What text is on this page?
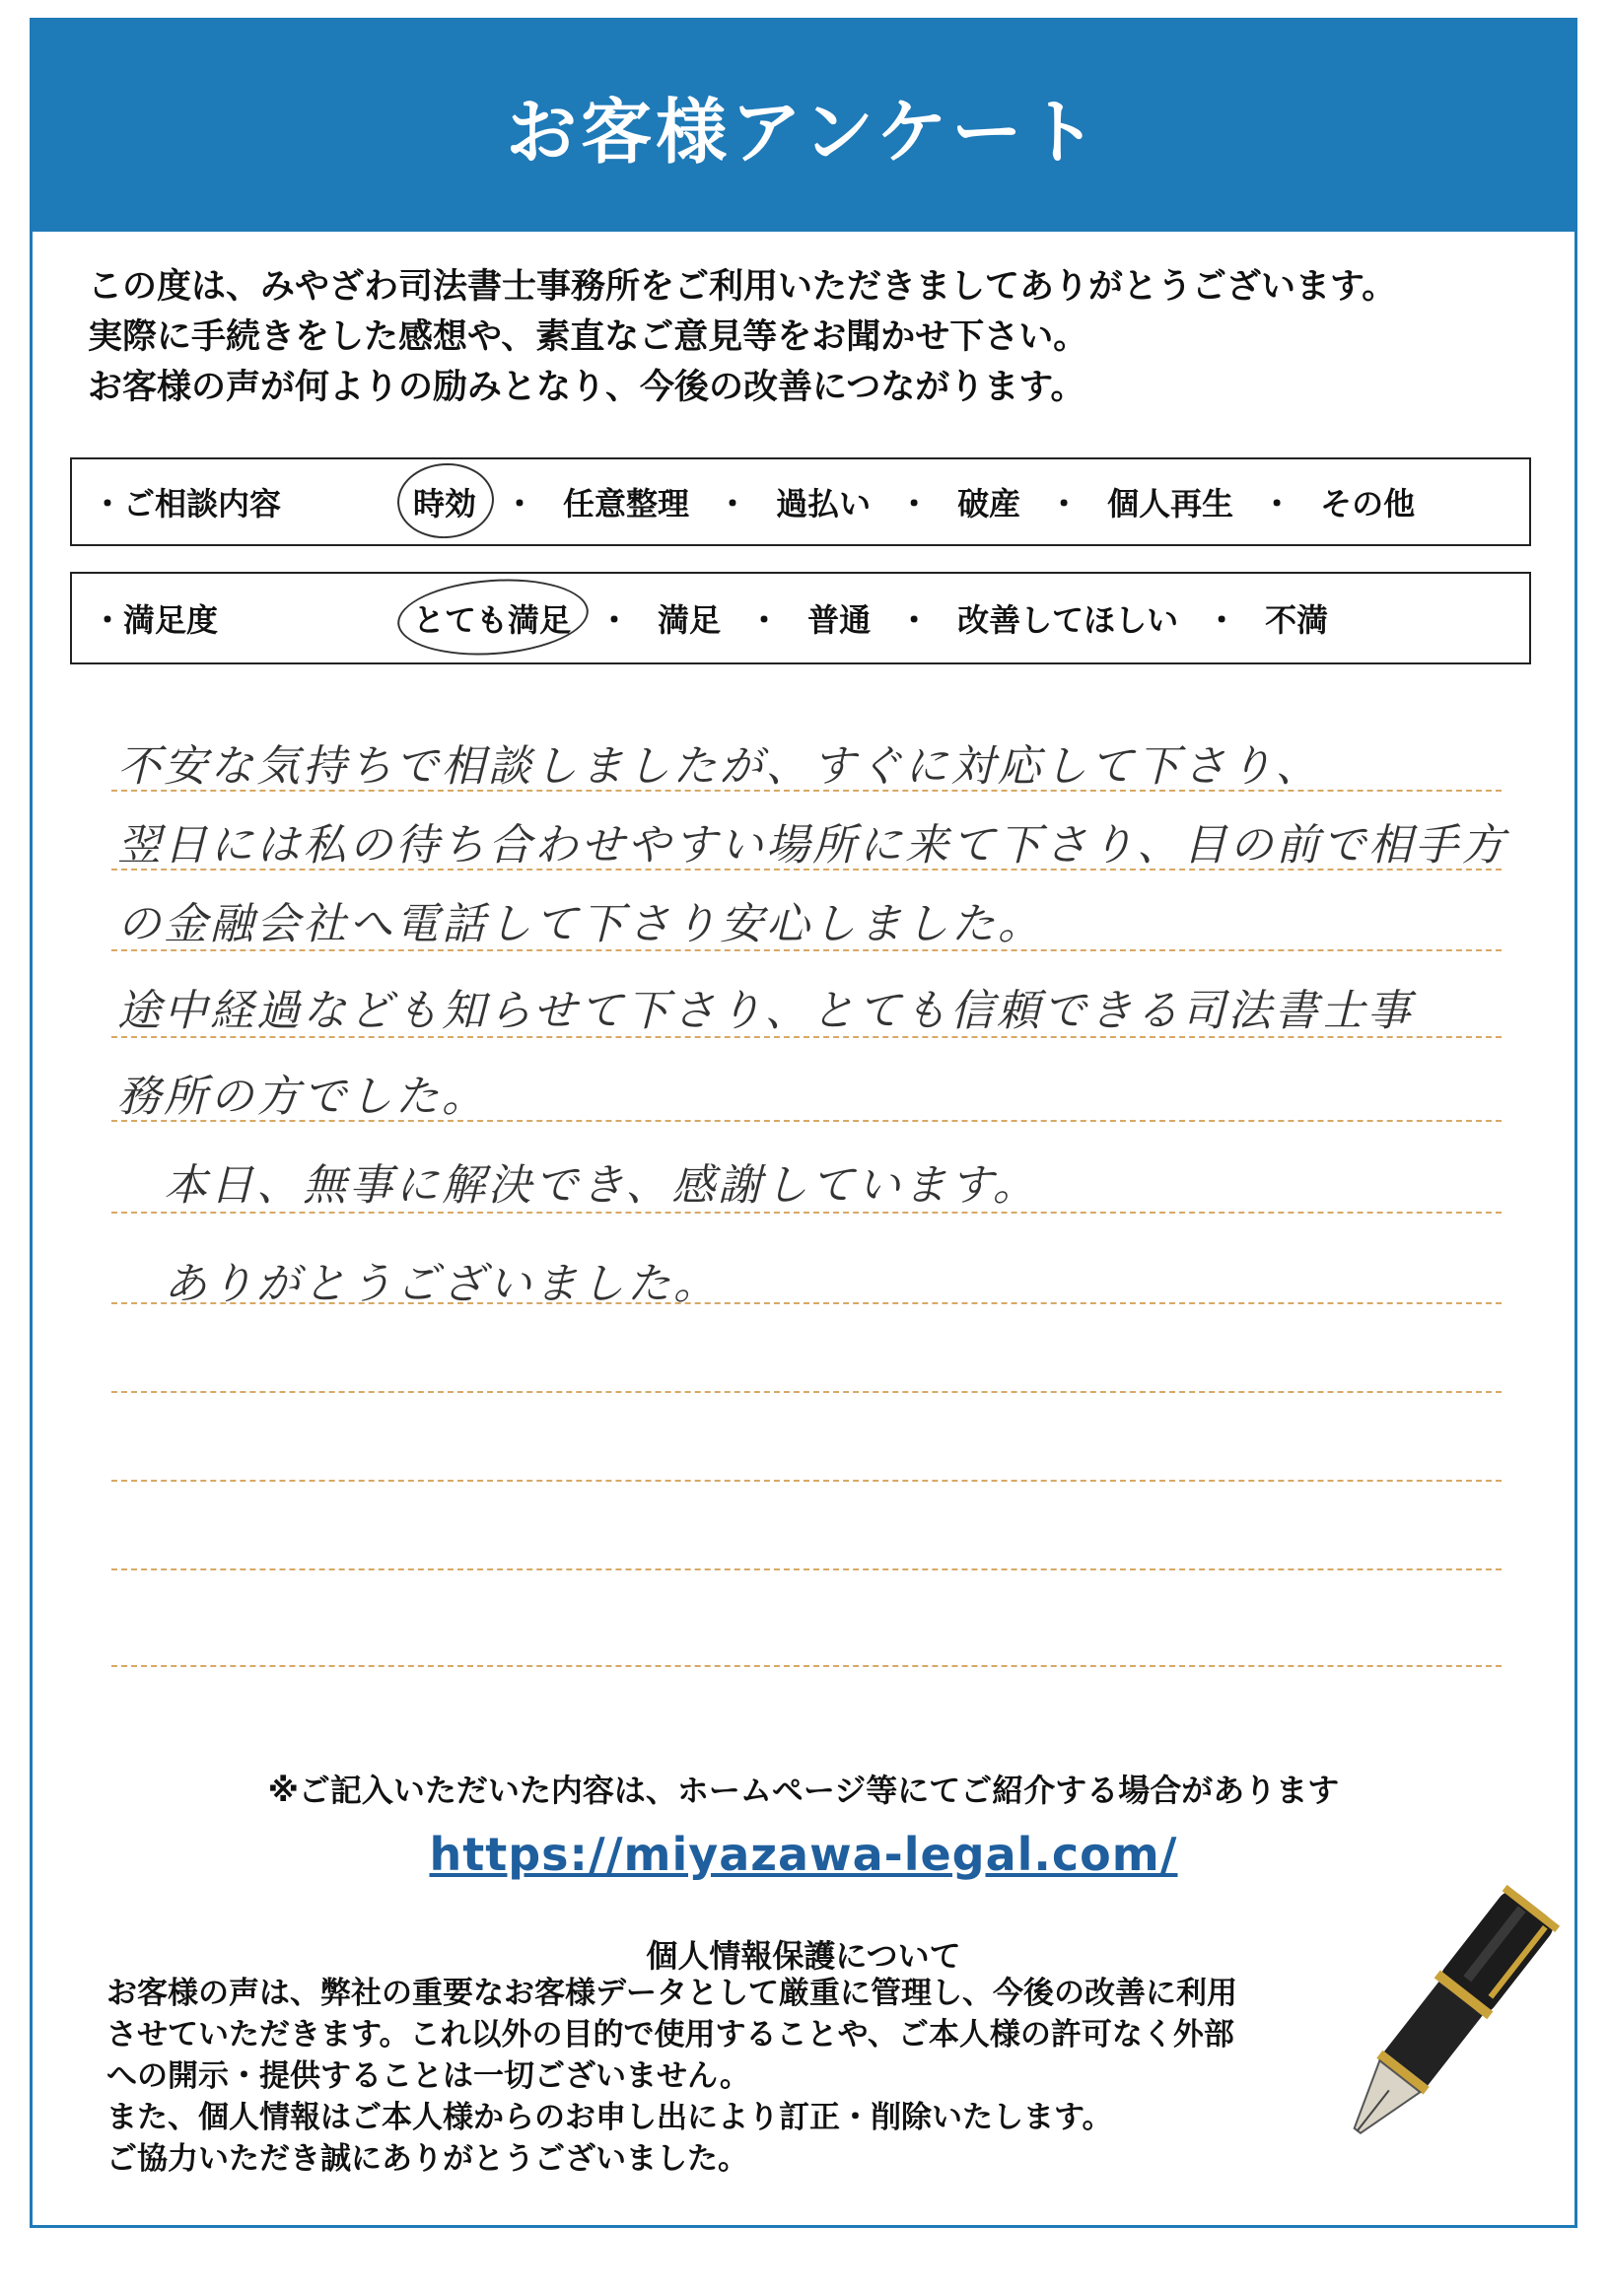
お客様アンケート
この度は、みやざわ司法書士事務所をご利用いただきましてありがとうございます。
実際に手続きをした感想や、素直なご意見等をお聞かせ下さい。
お客様の声が何よりの励みとなり、今後の改善につながります。
・ご相談内容	時効 ・ 任意整理 ・ 過払い ・ 破産 ・ 個人再生 ・ その他
・満足度	とても満足 ・ 満足 ・ 普通 ・ 改善してほしい ・ 不満
不安な気持ちで相談しましたが、すぐに対応して下さり、
翌日には私の待ち合わせやすい場所に来て下さり、目の前で相手方
の金融会社へ電話して下さり安心しました。
途中経過なども知らせて下さり、とても信頼できる司法書士事
務所の方でした。
　本日、無事に解決でき、感謝しています。
　ありがとうございました。
※ご記入いただいた内容は、ホームページ等にてご紹介する場合があります
https://miyazawa-legal.com/
個人情報保護について
お客様の声は、弊社の重要なお客様データとして厳重に管理し、今後の改善に利用
させていただきます。これ以外の目的で使用することや、ご本人様の許可なく外部
への開示・提供することは一切ございません。
また、個人情報はご本人様からのお申し出により訂正・削除いたします。
ご協力いただき誠にありがとうございました。
